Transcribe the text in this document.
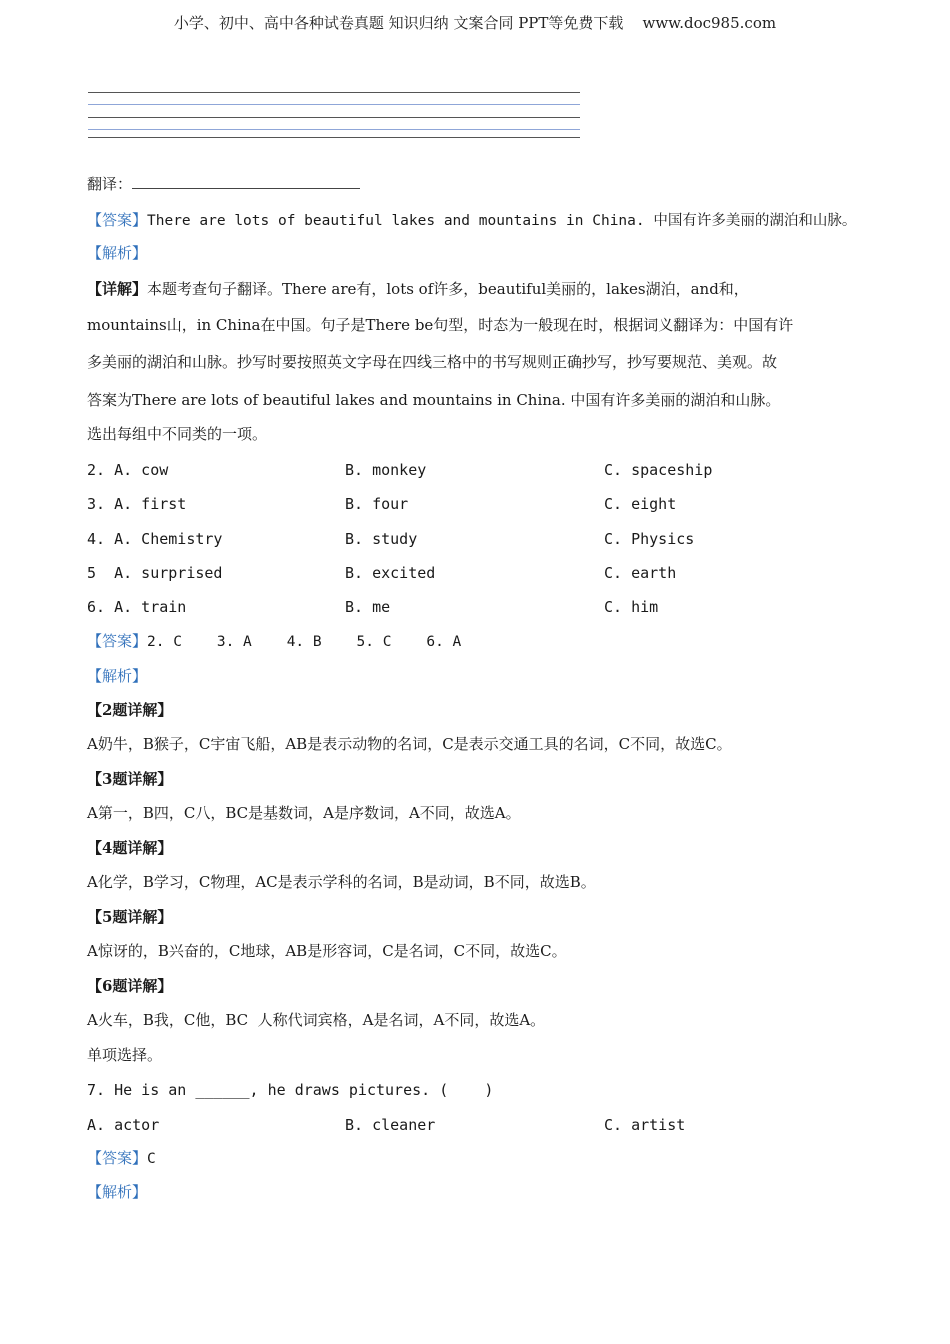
小学、初中、高中各种试卷真题 知识归纳 文案合同 PPT等免费下载    www.doc985.com
翻译：
【答案】There are lots of beautiful lakes and mountains in China. 中国有许多美丽的湖泊和山脉。
【解析】
【详解】本题考查句子翻译。There are有，lots of许多，beautiful美丽的，lakes湖泊，and和，
mountains山，in China在中国。句子是There be句型，时态为一般现在时，根据词义翻译为：中国有许
多美丽的湖泊和山脉。抄写时要按照英文字母在四线三格中的书写规则正确抄写，抄写要规范、美观。故
答案为There are lots of beautiful lakes and mountains in China. 中国有许多美丽的湖泊和山脉。
选出每组中不同类的一项。
2. A. cow	B. monkey	C. spaceship
3. A. first	B. four	C. eight
4. A. Chemistry	B. study	C. Physics
5  A. surprised	B. excited	C. earth
6. A. train	B. me	C. him
【答案】2. C    3. A    4. B    5. C    6. A
【解析】
【2题详解】
A奶牛，B猴子，C宇宙飞船，AB是表示动物的名词，C是表示交通工具的名词，C不同，故选C。
【3题详解】
A第一，B四，C八，BC是基数词，A是序数词，A不同，故选A。
【4题详解】
A化学，B学习，C物理，AC是表示学科的名词，B是动词，B不同，故选B。
【5题详解】
A惊讶的，B兴奋的，C地球，AB是形容词，C是名词，C不同，故选C。
【6题详解】
A火车，B我，C他，BC  人称代词宾格，A是名词，A不同，故选A。
单项选择。
7. He is an ______, he draws pictures. (    )
A. actor	B. cleaner	C. artist
【答案】C
【解析】
